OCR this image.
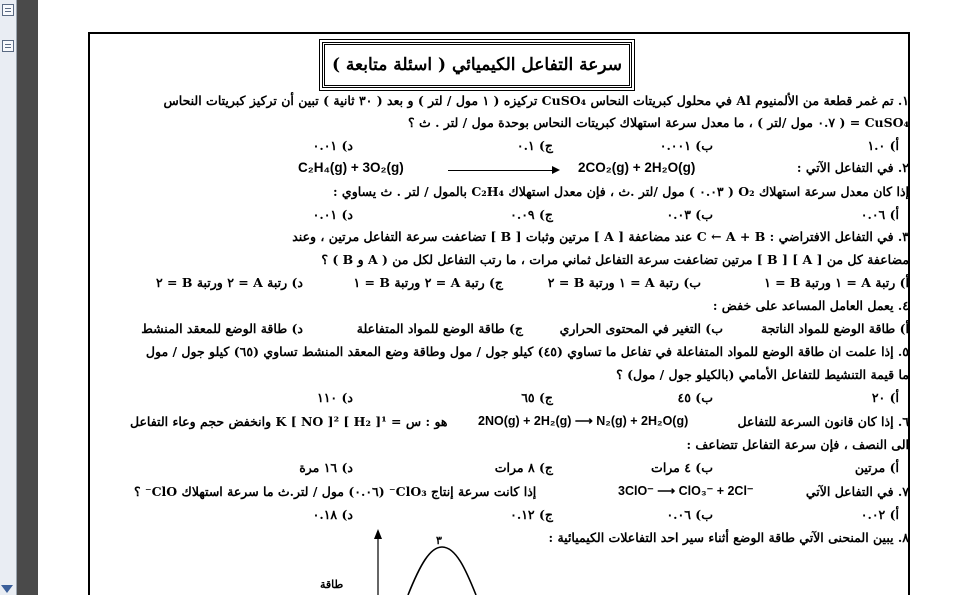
سرعة التفاعل الكيميائي ( اسئلة متابعة )
١. تم غمر قطعة من الألمنيوم Al في محلول كبريتات النحاس CuSO₄ تركيزه ( ١ مول / لتر ) و بعد ( ٣٠ ثانية ) تبين أن تركيز كبريتات النحاس
CuSO₄ = ( ٠.٧ مول /لتر ) ، ما معدل سرعة استهلاك كبريتات النحاس بوحدة مول / لتر . ث ؟
أ) ١.٠
ب) ٠.٠٠١
ج) ٠.١
د) ٠.٠١
٢. في التفاعل الآتي :
2CO₂(g) + 2H₂O(g)
C₂H₄(g) + 3O₂(g)
إذا كان معدل سرعة استهلاك O₂ ( ٠.٠٣ ) مول /لتر .ث ، فإن معدل استهلاك C₂H₄ بالمول / لتر . ث يساوي :
أ) ٠.٠٦
ب) ٠.٠٣
ج) ٠.٠٩
د) ٠.٠١
٣. في التفاعل الافتراضي : C ← A + B عند مضاعفة [ A ] مرتين وثبات [ B ] تضاعفت سرعة التفاعل مرتين ، وعند
مضاعفة كل من [ A ] [ B ] مرتين تضاعفت سرعة التفاعل ثماني مرات ، ما رتب التفاعل لكل من ( A و B ) ؟
أ) رتبة A = ١ ورتبة B = ١
ب) رتبة A = ١ ورتبة B = ٢
ج) رتبة A = ٢ ورتبة B = ١
د) رتبة A = ٢ ورتبة B = ٢
٤. يعمل العامل المساعد على خفض :
أ) طاقة الوضع للمواد الناتجة
ب) التغير في المحتوى الحراري
ج) طاقة الوضع للمواد المتفاعلة
د) طاقة الوضع للمعقد المنشط
٥. إذا علمت ان طاقة الوضع للمواد المتفاعلة في تفاعل ما تساوي (٤٥) كيلو جول / مول وطاقة وضع المعقد المنشط تساوي (٦٥) كيلو جول / مول
ما قيمة التنشيط للتفاعل الأمامي (بالكيلو جول / مول) ؟
أ) ٢٠
ب) ٤٥
ج) ٦٥
د) ١١٠
٦. إذا كان قانون السرعة للتفاعل
2NO(g) + 2H₂(g) ⟶ N₂(g) + 2H₂O(g)
هو : س = K [ NO ]² [ H₂ ]¹ وانخفض حجم وعاء التفاعل
الى النصف ، فإن سرعة التفاعل تتضاعف :
أ) مرتين
ب) ٤ مرات
ج) ٨ مرات
د) ١٦ مرة
٧. في التفاعل الآتي
3ClO⁻ ⟶ ClO₃⁻ + 2Cl⁻
إذا كانت سرعة إنتاج ClO₃⁻ (٠.٠٦) مول / لتر.ث ما سرعة استهلاك ClO⁻ ؟
أ) ٠.٠٢
ب) ٠.٠٦
ج) ٠.١٢
د) ٠.١٨
٨. يبين المنحنى الآتي طاقة الوضع أثناء سير احد التفاعلات الكيميائية :
٣
طاقة
